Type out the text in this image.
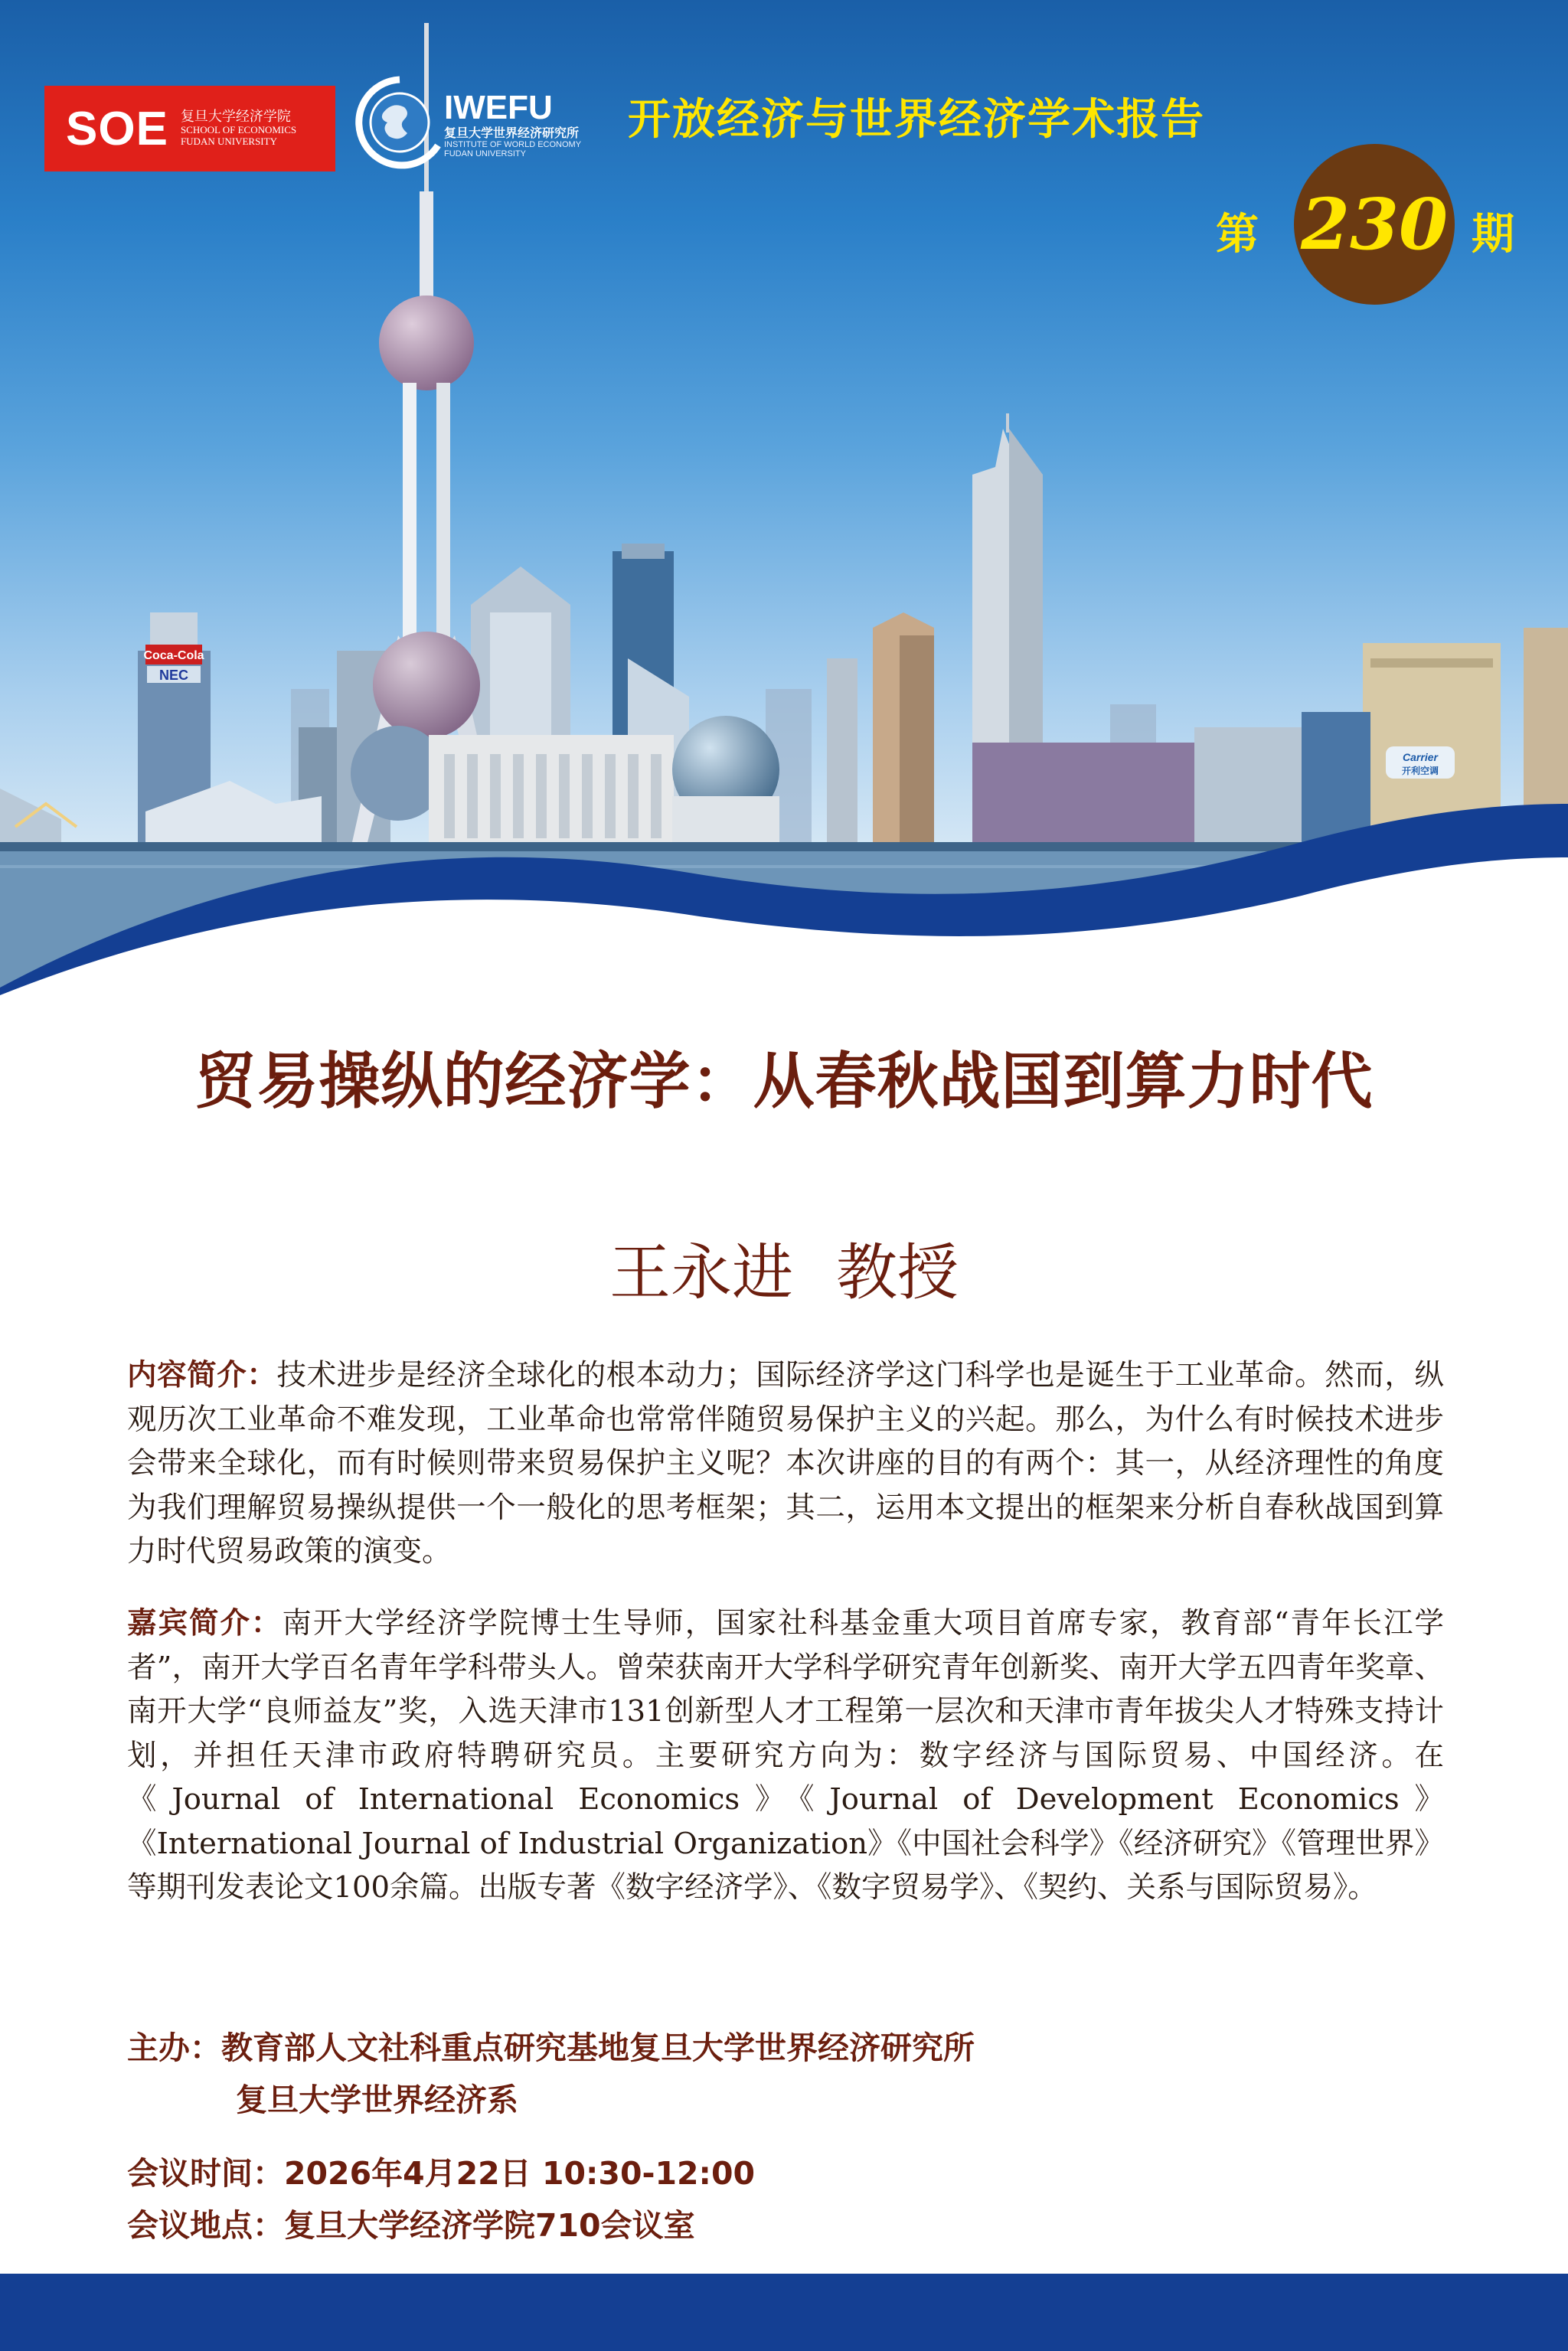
Coca-Cola
NEC
Carrier
开利空调
SOE 复旦大学经济学院
SCHOOL OF ECONOMICS
FUDAN UNIVERSITY
IWEFU
复旦大学世界经济研究所
INSTITUTE OF WORLD ECONOMY
FUDAN UNIVERSITY
开放经济与世界经济学术报告
第 230 期
贸易操纵的经济学：从春秋战国到算力时代
王永进 教授
内容简介：技术进步是经济全球化的根本动力；国际经济学这门科学也是诞生于工业革命。然而，纵观历次工业革命不难发现，工业革命也常常伴随贸易保护主义的兴起。那么，为什么有时候技术进步会带来全球化，而有时候则带来贸易保护主义呢？本次讲座的目的有两个：其一，从经济理性的角度为我们理解贸易操纵提供一个一般化的思考框架；其二，运用本文提出的框架来分析自春秋战国到算力时代贸易政策的演变。
嘉宾简介：南开大学经济学院博士生导师，国家社科基金重大项目首席专家，教育部“青年长江学者”，南开大学百名青年学科带头人。曾荣获南开大学科学研究青年创新奖、南开大学五四青年奖章、南开大学“良师益友”奖，入选天津市131创新型人才工程第一层次和天津市青年拔尖人才特殊支持计划，并担任天津市政府特聘研究员。主要研究方向为：数字经济与国际贸易、中国经济。在《Journal of International Economics》《Journal of Development Economics》《International Journal of Industrial Organization》《中国社会科学》《经济研究》《管理世界》等期刊发表论文100余篇。出版专著《数字经济学》、《数字贸易学》、《契约、关系与国际贸易》。
主办：教育部人文社科重点研究基地复旦大学世界经济研究所
复旦大学世界经济系
会议时间：2026年4月22日 10:30-12:00
会议地点：复旦大学经济学院710会议室
